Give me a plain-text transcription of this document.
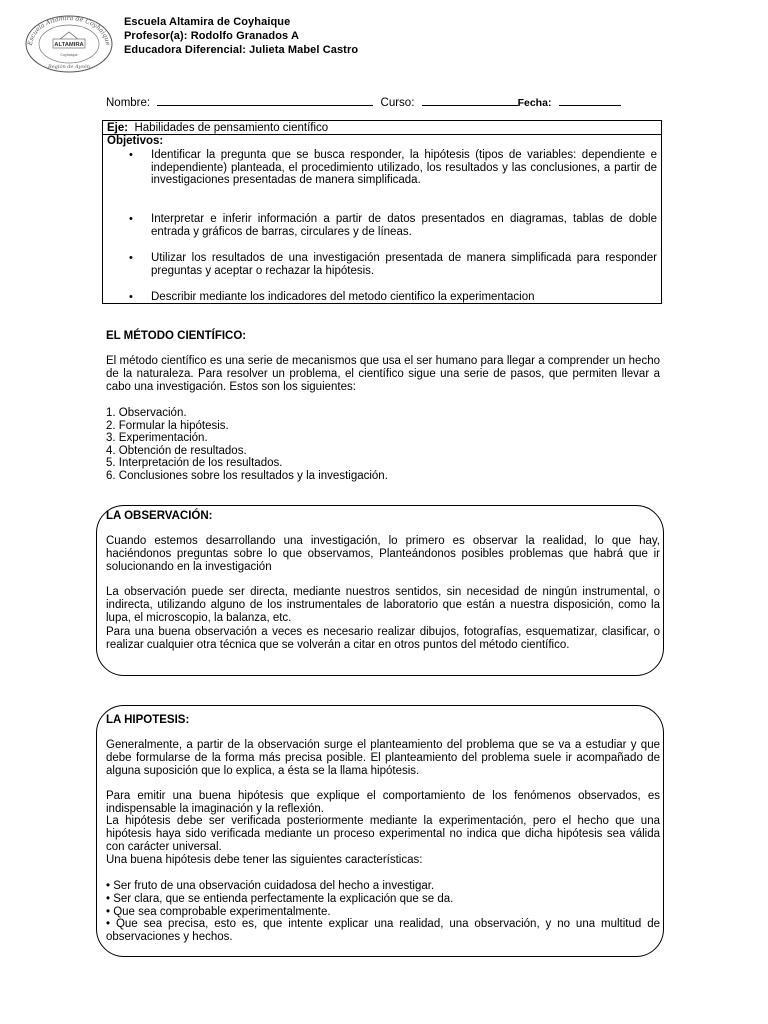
Escuela Altamira de Coyhaique
ALTAMIRA
Coyhaique
Región de Aysén
Escuela Altamira de Coyhaique
Profesor(a): Rodolfo Granados A
Educadora Diferencial: Julieta Mabel Castro
Nombre:	Curso:	Fecha:
Eje: Habilidades de pensamiento científico
Objetivos:
• Identificar la pregunta que se busca responder, la hipótesis (tipos de variables: dependiente e independiente) planteada, el procedimiento utilizado, los resultados y las conclusiones, a partir de investigaciones presentadas de manera simplificada.
• Interpretar e inferir información a partir de datos presentados en diagramas, tablas de doble entrada y gráficos de barras, circulares y de líneas.
• Utilizar los resultados de una investigación presentada de manera simplificada para responder preguntas y aceptar o rechazar la hipótesis.
• Describir mediante los indicadores del metodo cientifico la experimentacion
EL MÉTODO CIENTÍFICO:
El método científico es una serie de mecanismos que usa el ser humano para llegar a comprender un hecho de la naturaleza. Para resolver un problema, el científico sigue una serie de pasos, que permiten llevar a cabo una investigación. Estos son los siguientes:
1. Observación.
2. Formular la hipótesis.
3. Experimentación.
4. Obtención de resultados.
5. Interpretación de los resultados.
6. Conclusiones sobre los resultados y la investigación.
LA OBSERVACIÓN:
Cuando estemos desarrollando una investigación, lo primero es observar la realidad, lo que hay, haciéndonos preguntas sobre lo que observamos, Planteándonos posibles problemas que habrá que ir solucionando en la investigación
La observación puede ser directa, mediante nuestros sentidos, sin necesidad de ningún instrumental, o indirecta, utilizando alguno de los instrumentales de laboratorio que están a nuestra disposición, como la lupa, el microscopio, la balanza, etc.
Para una buena observación a veces es necesario realizar dibujos, fotografías, esquematizar, clasificar, o realizar cualquier otra técnica que se volverán a citar en otros puntos del método científico.
LA HIPOTESIS:
Generalmente, a partir de la observación surge el planteamiento del problema que se va a estudiar y que debe formularse de la forma más precisa posible. El planteamiento del problema suele ir acompañado de alguna suposición que lo explica, a ésta se la llama hipótesis.
Para emitir una buena hipótesis que explique el comportamiento de los fenómenos observados, es indispensable la imaginación y la reflexión.
La hipótesis debe ser verificada posteriormente mediante la experimentación, pero el hecho que una hipótesis haya sido verificada mediante un proceso experimental no indica que dicha hipótesis sea válida con carácter universal.
Una buena hipótesis debe tener las siguientes características:
• Ser fruto de una observación cuidadosa del hecho a investigar.
• Ser clara, que se entienda perfectamente la explicación que se da.
• Que sea comprobable experimentalmente.
• Que sea precisa, esto es, que intente explicar una realidad, una observación, y no una multitud de observaciones y hechos.
